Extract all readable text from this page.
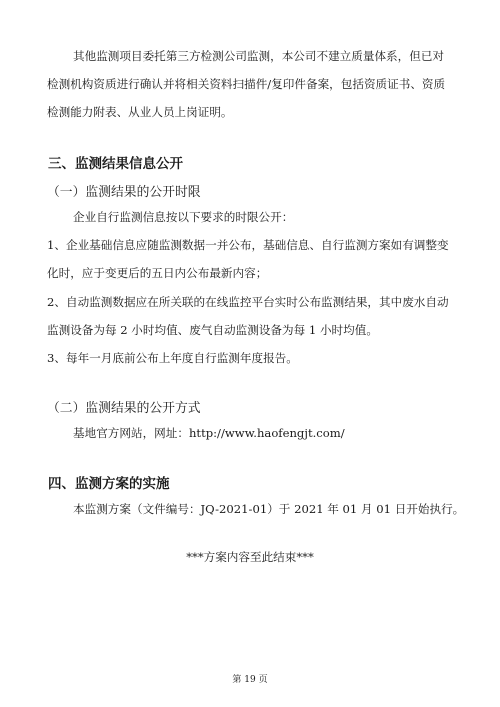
其他监测项目委托第三方检测公司监测，本公司不建立质量体系，但已对
检测机构资质进行确认并将相关资料扫描件/复印件备案，包括资质证书、资质
检测能力附表、从业人员上岗证明。
三、监测结果信息公开
（一）监测结果的公开时限
企业自行监测信息按以下要求的时限公开：
1、企业基础信息应随监测数据一并公布，基础信息、自行监测方案如有调整变
化时，应于变更后的五日内公布最新内容；
2、自动监测数据应在所关联的在线监控平台实时公布监测结果，其中废水自动
监测设备为每 2 小时均值、废气自动监测设备为每 1 小时均值。
3、每年一月底前公布上年度自行监测年度报告。
（二）监测结果的公开方式
基地官方网站，网址：http://www.haofengjt.com/
四、监测方案的实施
本监测方案（文件编号：JQ-2021-01）于 2021 年 01 月 01 日开始执行。
***方案内容至此结束***
第 19 页
